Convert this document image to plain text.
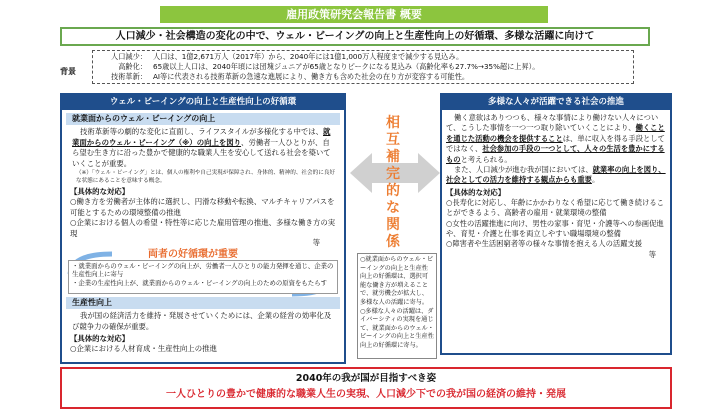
雇用政策研究会報告書 概要
人口減少・社会構造の変化の中で、ウェル・ビーイングの向上と生産性向上の好循環、多様な活躍に向けて
背景
人口減少： 人口は、1億2,671万人（2017年）から、2040年には1億1,000万人程度まで減少する見込み。
高齢化： 65歳以上人口は、2040年頃には団塊ジュニアが65歳となりピークになる見込み（高齢化率も27.7%→35%超に上昇）。
技術革新： AI等に代表される技術革新の急速な進展により、働き方も含めた社会の在り方が変容する可能性。
ウェル・ビーイングの向上と生産性向上の好循環
就業面からのウェル・ビーイングの向上
技術革新等の劇的な変化に直面し、ライフスタイルが多様化する中では、就業面からのウェル・ビーイング（※）の向上を図り、労働者一人ひとりが、自ら望む生き方に沿った豊かで健康的な職業人生を安心して送れる社会を築いていくことが重要。
（※）「ウェル・ビーイング」とは、個人の権利や自己実現が保障され、身体的、精神的、社会的に良好な状態にあることを意味する概念。
【具体的な対応】
○働き方を労働者が主体的に選択し、円滑な移動や転換、マルチキャリアパスを可能とするための環境整備の推進
○企業における個人の希望・特性等に応じた雇用管理の推進、多様な働き方の実現
等
両者の好循環が重要
・就業面からのウェル・ビーイングの向上が、労働者一人ひとりの能力発揮を通じ、企業の生産性向上に寄与
・企業の生産性向上が、就業面からのウェル・ビーイングの向上のための原資をもたらす
生産性向上
我が国の経済活力を維持・発展させていくためには、企業の経営の効率化及び競争力の確保が重要。
【具体的な対応】
○企業における人材育成・生産性向上の推進
相
互
補
完
的
な
関
係
○就業面からのウェル・ビーイングの向上と生産性向上の好循環は、選択可能な働き方が増えることで、就労機会が拡大し、多様な人の活躍に寄与。
○多様な人々の活躍は、ダイバーシティの実現を通じて、就業面からのウェル・ビーイングの向上と生産性向上の好循環に寄与。
多様な人々が活躍できる社会の推進
働く意欲はありつつも、様々な事情により働けない人々について、こうした事情を一つ一つ取り除いていくことにより、働くことを通じた活動の機会を提供することは、単に収入を得る手段としてではなく、社会参加の手段の一つとして、人々の生活を豊かにするものと考えられる。
また、人口減少が進む我が国においては、就業率の向上を図り、社会としての活力を維持する観点からも重要。
【具体的な対応】
○長寿化に対応し、年齢にかかわりなく希望に応じて働き続けることができるよう、高齢者の雇用・就業環境の整備
○女性の活躍推進に向け、男性の家事・育児・介護等への参画促進や、育児・介護と仕事を両立しやすい職場環境の整備
○障害者や生活困窮者等の様々な事情を抱える人の活躍支援
等
2040年の我が国が目指すべき姿
一人ひとりの豊かで健康的な職業人生の実現、人口減少下での我が国の経済の維持・発展
